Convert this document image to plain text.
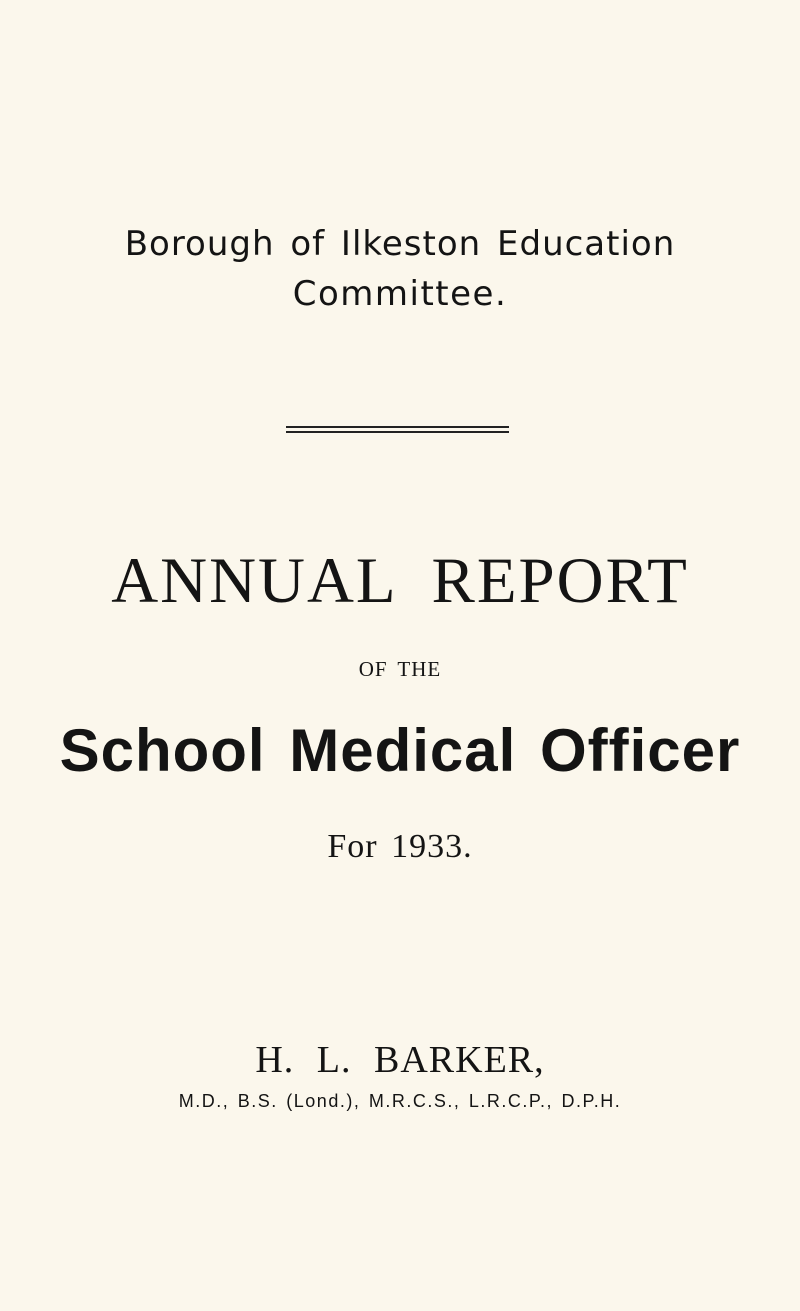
Borough of Ilkeston Education
Committee.
ANNUAL REPORT
OF THE
School Medical Officer
For 1933.
H. L. BARKER,
M.D., B.S. (Lond.), M.R.C.S., L.R.C.P., D.P.H.
